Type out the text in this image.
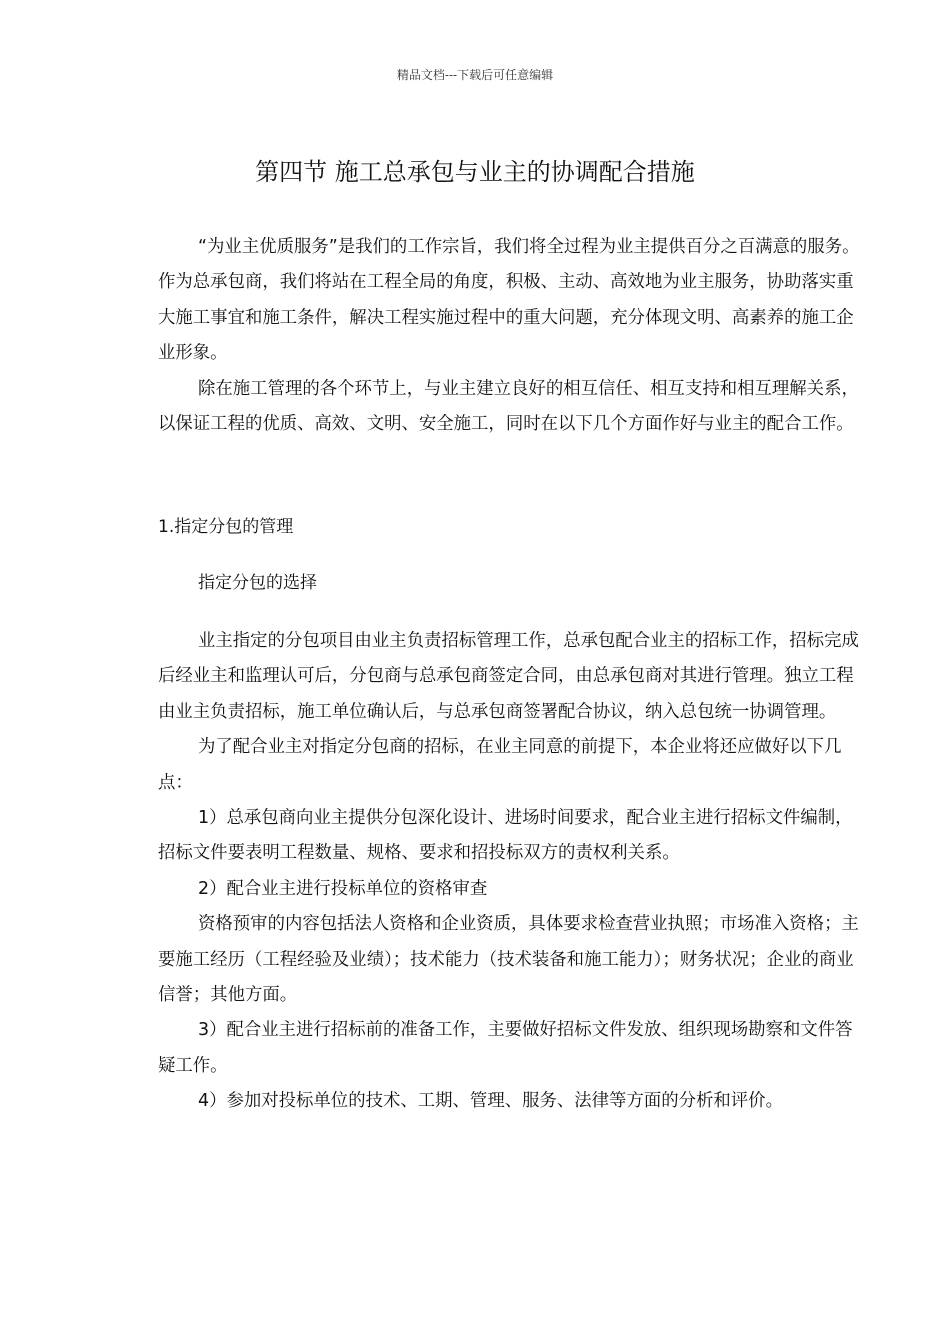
精品文档---下载后可任意编辑
第四节 施工总承包与业主的协调配合措施

“为业主优质服务”是我们的工作宗旨，我们将全过程为业主提供百分之百满意的服务。作为总承包商，我们将站在工程全局的角度，积极、主动、高效地为业主服务，协助落实重大施工事宜和施工条件，解决工程实施过程中的重大问题，充分体现文明、高素养的施工企业形象。

除在施工管理的各个环节上，与业主建立良好的相互信任、相互支持和相互理解关系，以保证工程的优质、高效、文明、安全施工，同时在以下几个方面作好与业主的配合工作。

1.指定分包的管理
指定分包的选择

业主指定的分包项目由业主负责招标管理工作，总承包配合业主的招标工作，招标完成后经业主和监理认可后，分包商与总承包商签定合同，由总承包商对其进行管理。独立工程由业主负责招标，施工单位确认后，与总承包商签署配合协议，纳入总包统一协调管理。

为了配合业主对指定分包商的招标，在业主同意的前提下，本企业将还应做好以下几点：

1）总承包商向业主提供分包深化设计、进场时间要求，配合业主进行招标文件编制，招标文件要表明工程数量、规格、要求和招投标双方的责权利关系。

2）配合业主进行投标单位的资格审查

资格预审的内容包括法人资格和企业资质，具体要求检查营业执照；市场准入资格；主要施工经历（工程经验及业绩）；技术能力（技术装备和施工能力）；财务状况；企业的商业信誉；其他方面。

3）配合业主进行招标前的准备工作，主要做好招标文件发放、组织现场勘察和文件答疑工作。

4）参加对投标单位的技术、工期、管理、服务、法律等方面的分析和评价。
